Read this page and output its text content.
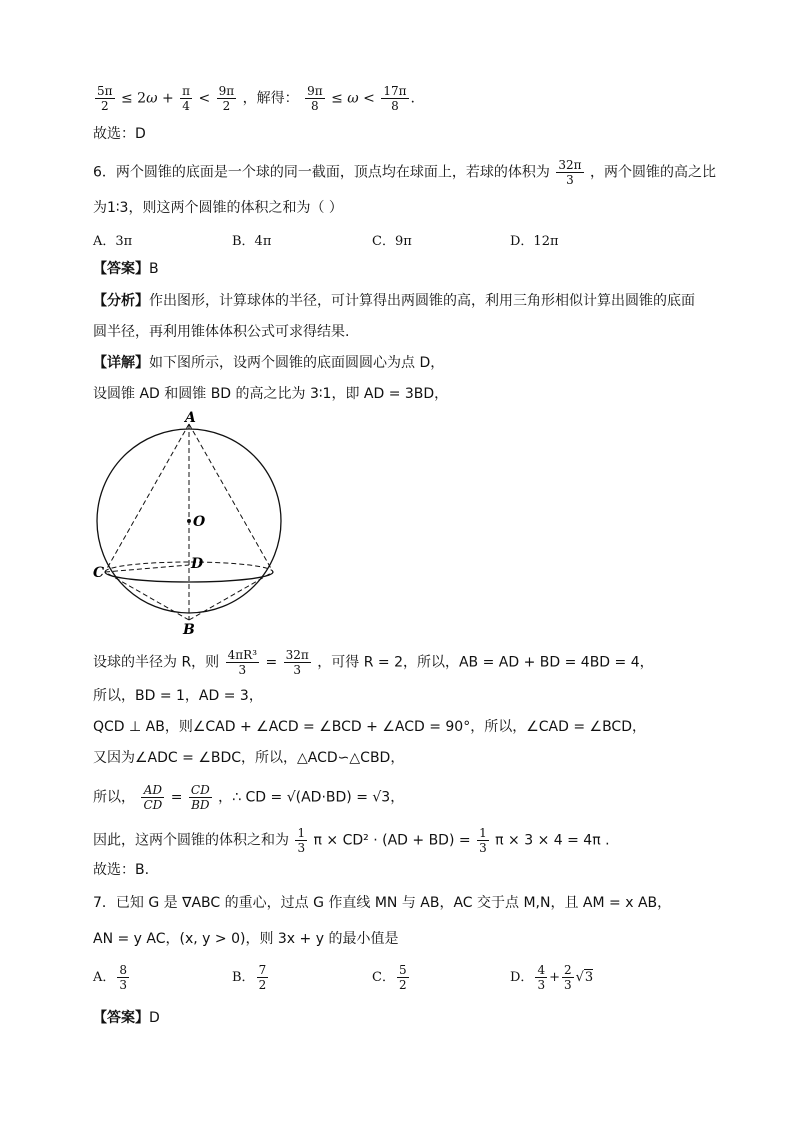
$\frac{5\pi}{2} \le 2\omega + \frac{\pi}{4} < \frac{9\pi}{2}$ ，解得： $\frac{9\pi}{8} \le \omega < \frac{17\pi}{8}$ .
故选：D
6．两个圆锥的底面是一个球的同一截面，顶点均在球面上，若球的体积为 $\frac{32\pi}{3}$ ，两个圆锥的高之比
为1∶3，则这两个圆锥的体积之和为（ ）
A．3π	B．4π	C．9π	D．12π
【答案】B
【分析】作出图形，计算球体的半径，可计算得出两圆锥的高，利用三角形相似计算出圆锥的底面
圆半径，再利用锥体体积公式可求得结果.
【详解】如下图所示，设两个圆锥的底面圆圆心为点 D，
设圆锥 AD 和圆锥 BD 的高之比为 3∶1，即 AD = 3BD，
A
O
D
C
B
设球的半径为 R，则 $\frac{\text{4πR³}}{3} = \frac{32\pi}{3}$ ，可得 R = 2，所以，AB = AD + BD = 4BD = 4，
所以，BD = 1，AD = 3，
QCD ⊥ AB，则∠CAD + ∠ACD = ∠BCD + ∠ACD = 90°，所以，∠CAD = ∠BCD，
又因为∠ADC = ∠BDC，所以，△ACD∽△CBD，
所以， $\frac{AD}{CD} = \frac{CD}{BD}$ ，∴ CD = √(AD·BD) = √3，
因此，这两个圆锥的体积之和为 $\frac{1}{3}$ $\pi \times CD^2 \cdot (AD + BD) = \frac{1}{3}$ π × 3 × 4 = 4π .
故选：B.
7．已知 G 是 ∇ABC 的重心，过点 G 作直线 MN 与 AB，AC 交于点 M,N，且 AM = x AB，
AN = y AC，(x, y > 0)，则 3x + y 的最小值是
A． $\frac{8}{3}$	B． $\frac{7}{2}$	C． $\frac{5}{2}$	D． $\frac{4}{3} + \frac{2}{3} √3$
【答案】D
